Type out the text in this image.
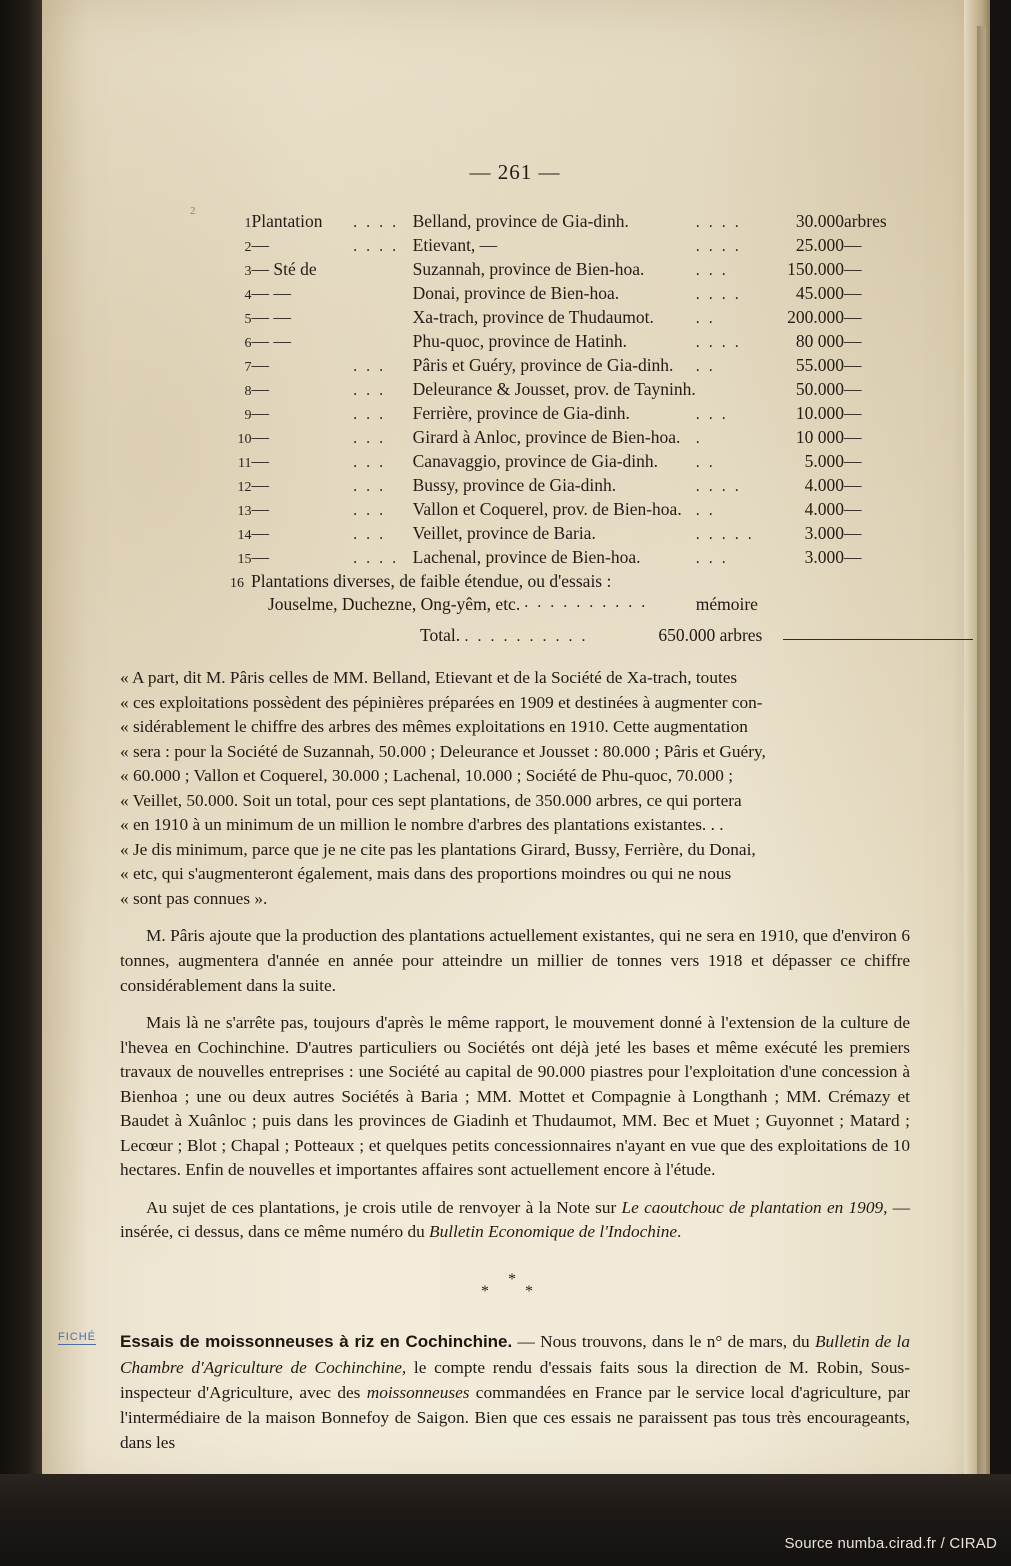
2
— 261 —
1	Plantation	. . . .	Belland, province de Gia-dinh.	. . . .	30.000	arbres
2	—	. . . .	Etievant, —	. . . .	25.000	—
3	— Sté de		Suzannah, province de Bien-hoa.	. . .	150.000	—
4	— —		Donai, province de Bien-hoa.	. . . .	45.000	—
5	— —		Xa-trach, province de Thudaumot.	. .	200.000	—
6	— —		Phu-quoc, province de Hatinh.	. . . .	80 000	—
7	—	. . .	Pâris et Guéry, province de Gia-dinh.	. .	55.000	—
8	—	. . .	Deleurance & Jousset, prov. de Tayninh.		50.000	—
9	—	. . .	Ferrière, province de Gia-dinh.	. . .	10.000	—
10	—	. . .	Girard à Anloc, province de Bien-hoa.	.	10 000	—
11	—	. . .	Canavaggio, province de Gia-dinh.	. .	5.000	—
12	—	. . .	Bussy, province de Gia-dinh.	. . . .	4.000	—
13	—	. . .	Vallon et Coquerel, prov. de Bien-hoa.	. .	4.000	—
14	—	. . .	Veillet, province de Baria.	. . . . .	3.000	—
15	—	. . . .	Lachenal, province de Bien-hoa.	. . .	3.000	—
16 Plantations diverses, de faible étendue, ou d'essais :
Jouselme, Duchezne, Ong-yêm, etc. . . . . . . . . . .	mémoire
Total. . . . . . . . . . .	650.000 arbres
« A part, dit M. Pâris celles de MM. Belland, Etievant et de la Société de Xa-trach, toutes
« ces exploitations possèdent des pépinières préparées en 1909 et destinées à augmenter con-
« sidérablement le chiffre des arbres des mêmes exploitations en 1910. Cette augmentation
« sera : pour la Société de Suzannah, 50.000 ; Deleurance et Jousset : 80.000 ; Pâris et Guéry,
« 60.000 ; Vallon et Coquerel, 30.000 ; Lachenal, 10.000 ; Société de Phu-quoc, 70.000 ;
« Veillet, 50.000. Soit un total, pour ces sept plantations, de 350.000 arbres, ce qui portera
« en 1910 à un minimum de un million le nombre d'arbres des plantations existantes. . .
« Je dis minimum, parce que je ne cite pas les plantations Girard, Bussy, Ferrière, du Donai,
« etc, qui s'augmenteront également, mais dans des proportions moindres ou qui ne nous
« sont pas connues ».
M. Pâris ajoute que la production des plantations actuellement existantes, qui ne sera en 1910, que d'environ 6 tonnes, augmentera d'année en année pour atteindre un millier de tonnes vers 1918 et dépasser ce chiffre considérablement dans la suite.
Mais là ne s'arrête pas, toujours d'après le même rapport, le mouvement donné à l'extension de la culture de l'hevea en Cochinchine. D'autres particuliers ou Sociétés ont déjà jeté les bases et même exécuté les premiers travaux de nouvelles entreprises : une Société au capital de 90.000 piastres pour l'exploitation d'une concession à Bienhoa ; une ou deux autres Sociétés à Baria ; MM. Mottet et Compagnie à Longthanh ; MM. Crémazy et Baudet à Xuânloc ; puis dans les provinces de Giadinh et Thudaumot, MM. Bec et Muet ; Guyonnet ; Matard ; Lecœur ; Blot ; Chapal ; Potteaux ; et quelques petits concessionnaires n'ayant en vue que des exploitations de 10 hectares. Enfin de nouvelles et importantes affaires sont actuellement encore à l'étude.
Au sujet de ces plantations, je crois utile de renvoyer à la Note sur Le caoutchouc de plantation en 1909, — insérée, ci dessus, dans ce même numéro du Bulletin Economique de l'Indochine.
*
* *
FICHÉ Essais de moissonneuses à riz en Cochinchine. — Nous trouvons, dans le n° de mars, du Bulletin de la Chambre d'Agriculture de Cochinchine, le compte rendu d'essais faits sous la direction de M. Robin, Sous-inspecteur d'Agriculture, avec des moissonneuses commandées en France par le service local d'agriculture, par l'intermédiaire de la maison Bonnefoy de Saigon. Bien que ces essais ne paraissent pas tous très encourageants, dans les
Source numba.cirad.fr / CIRAD
